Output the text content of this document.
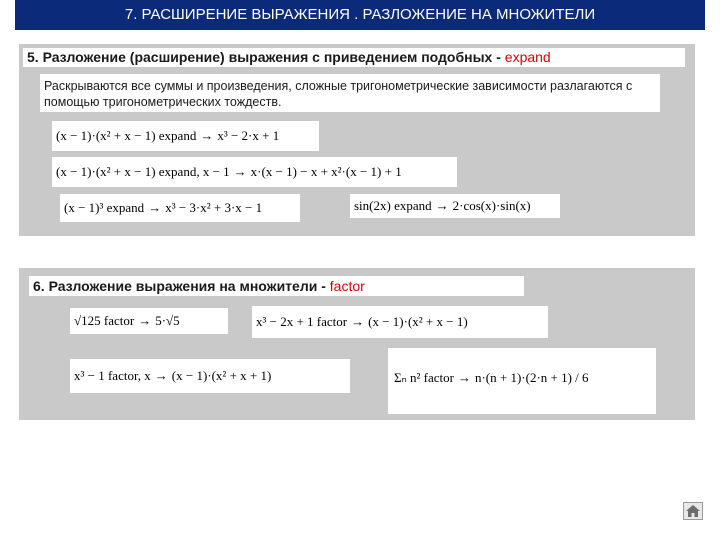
7. РАСШИРЕНИЕ ВЫРАЖЕНИЯ . РАЗЛОЖЕНИЕ НА МНОЖИТЕЛИ
5. Разложение (расширение) выражения с приведением подобных - expand
Раскрываются все суммы и произведения, сложные тригонометрические зависимости разлагаются с помощью тригонометрических тождеств.
(x − 1)·(x² + x − 1) expand → x³ − 2·x + 1
(x − 1)·(x² + x − 1) expand, x − 1 → x·(x − 1) − x + x²·(x − 1) + 1
(x − 1)³ expand → x³ − 3·x² + 3·x − 1	sin(2x) expand → 2·cos(x)·sin(x)
6. Разложение выражения на множители - factor
√125 factor → 5·√5	x³ − 2x + 1 factor → (x − 1)·(x² + x − 1)
x³ − 1 factor, x → (x − 1)·(x² + x + 1)	Σₙ n² factor → n·(n + 1)·(2·n + 1) / 6
